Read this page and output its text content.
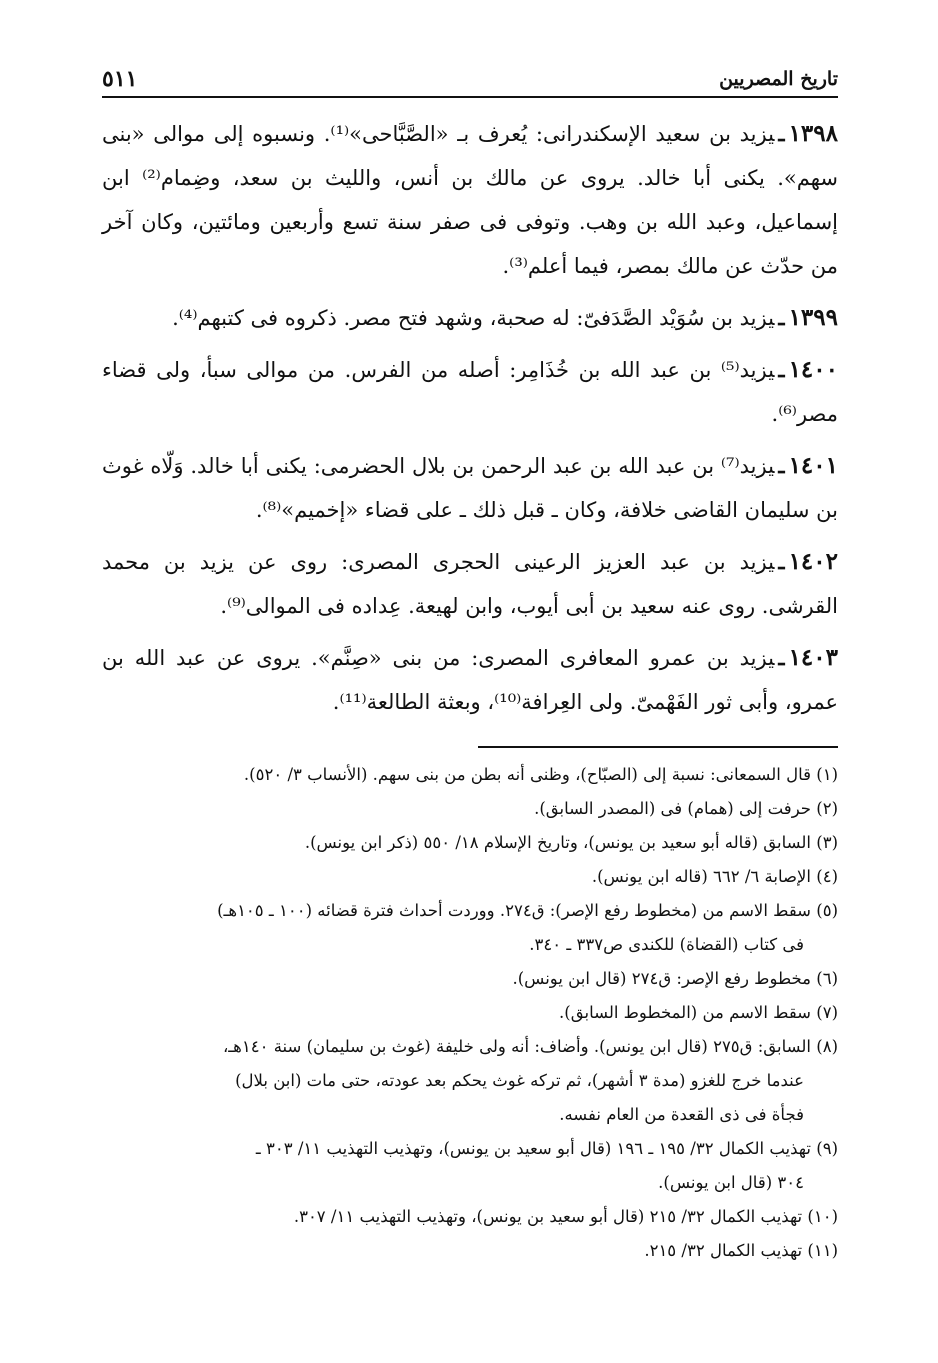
تاريخ المصريين
٥١١

١٣٩٨ـيزيد بن سعيد الإسكندرانى: يُعرف بـ «الصَّبَّاحى»⁽¹⁾. ونسبوه إلى موالى «بنى سهم». يكنى أبا خالد. يروى عن مالك بن أنس، والليث بن سعد، وضِمام⁽²⁾ ابن إسماعيل، وعبد الله بن وهب. وتوفى فى صفر سنة تسع وأربعين ومائتين، وكان آخر من حدّث عن مالك بمصر، فيما أعلم⁽³⁾.

١٣٩٩ـيزيد بن سُوَيْد الصَّدَفىّ: له صحبة، وشهد فتح مصر. ذكروه فى كتبهم⁽⁴⁾.

١٤٠٠ـيزيد⁽⁵⁾ بن عبد الله بن خُذَامِر: أصله من الفرس. من موالى سبأ، ولى قضاء مصر⁽⁶⁾.

١٤٠١ـيزيد⁽⁷⁾ بن عبد الله بن عبد الرحمن بن بلال الحضرمى: يكنى أبا خالد. وَلّاه غوث بن سليمان القاضى خلافة، وكان ـ قبل ذلك ـ على قضاء «إخميم»⁽⁸⁾.

١٤٠٢ـيزيد بن عبد العزيز الرعينى الحجرى المصرى: روى عن يزيد بن محمد القرشى. روى عنه سعيد بن أبى أيوب، وابن لهيعة. عِداده فى الموالى⁽⁹⁾.

١٤٠٣ـيزيد بن عمرو المعافرى المصرى: من بنى «صِنَّم». يروى عن عبد الله بن عمرو، وأبى ثور الفَهْمىّ. ولى العِرافة⁽¹⁰⁾، وبعثة الطالعة⁽¹¹⁾.

(١) قال السمعانى: نسبة إلى (الصبّاح)، وظنى أنه بطن من بنى سهم. (الأنساب ٣/ ٥٢٠).

(٢) حرفت إلى (همام) فى (المصدر السابق).

(٣) السابق (قاله أبو سعيد بن يونس)، وتاريخ الإسلام ١٨/ ٥٥٠ (ذكر ابن يونس).

(٤) الإصابة ٦/ ٦٦٢ (قاله ابن يونس).

(٥) سقط الاسم من (مخطوط رفع الإصر): ق٢٧٤. ووردت أحداث فترة قضائه (١٠٠ ـ ١٠٥هـ)

فى كتاب (القضاة) للكندى ص٣٣٧ ـ ٣٤٠.

(٦) مخطوط رفع الإصر: ق٢٧٤ (قال ابن يونس).

(٧) سقط الاسم من (المخطوط السابق).

(٨) السابق: ق٢٧٥ (قال ابن يونس). وأضاف: أنه ولى خليفة (غوث بن سليمان) سنة ١٤٠هـ،

عندما خرج للغزو (مدة ٣ أشهر)، ثم تركه غوث يحكم بعد عودته، حتى مات (ابن بلال)

فجأة فى ذى القعدة من العام نفسه.

(٩) تهذيب الكمال ٣٢/ ١٩٥ ـ ١٩٦ (قال أبو سعيد بن يونس)، وتهذيب التهذيب ١١/ ٣٠٣ ـ

٣٠٤ (قال ابن يونس).

(١٠) تهذيب الكمال ٣٢/ ٢١٥ (قال أبو سعيد بن يونس)، وتهذيب التهذيب ١١/ ٣٠٧.

(١١) تهذيب الكمال ٣٢/ ٢١٥.
